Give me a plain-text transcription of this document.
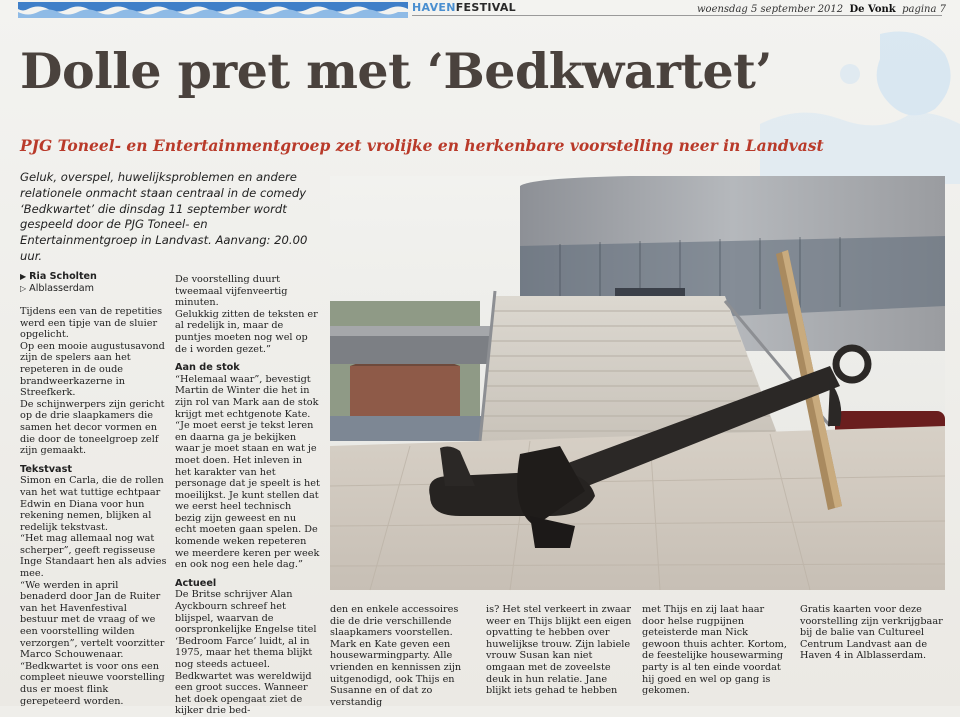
HAVENFESTIVAL	woensdag 5 september 2012 De Vonk pagina 7
Dolle pret met ‘Bedkwartet’
PJG Toneel- en Entertainmentgroep zet vrolijke en herkenbare voorstelling neer in Landvast

Geluk, overspel, huwelijksproblemen en andere relationele onmacht staan centraal in de comedy ‘Bedkwartet’ die dinsdag 11 september wordt gespeeld door de PJG Toneel- en Entertainmentgroep in Landvast. Aanvang: 20.00 uur.

▶ Ria Scholten
▷ Alblasserdam

Tijdens een van de repetities werd een tipje van de sluier opgelicht.

Op een mooie augustusavond zijn de spelers aan het repeteren in de oude brandweerkazerne in Streefkerk.

De schijnwerpers zijn gericht op de drie slaapkamers die samen het decor vormen en die door de toneelgroep zelf zijn gemaakt.

Tekstvast

Simon en Carla, die de rollen van het wat tuttige echtpaar Edwin en Diana voor hun rekening nemen, blijken al redelijk tekstvast.

“Het mag allemaal nog wat scherper”, geeft regisseuse Inge Standaart hen als advies mee.

“We werden in april benaderd door Jan de Ruiter van het Havenfestival bestuur met de vraag of we een voorstelling wilden verzorgen”, vertelt voorzitter Marco Schouwenaar.

“Bedkwartet is voor ons een compleet nieuwe voorstelling dus er moest flink gerepeteerd worden.

De voorstelling duurt tweemaal vijfenveertig minuten.

Gelukkig zitten de teksten er al redelijk in, maar de puntjes moeten nog wel op de i worden gezet.”

Aan de stok

“Helemaal waar”, bevestigt Martin de Winter die het in zijn rol van Mark aan de stok krijgt met echtgenote Kate.

“Je moet eerst je tekst leren en daarna ga je bekijken waar je moet staan en wat je moet doen. Het inleven in het karakter van het personage dat je speelt is het moeilijkst. Je kunt stellen dat we eerst heel technisch bezig zijn geweest en nu echt moeten gaan spelen. De komende weken repeteren we meerdere keren per week en ook nog een hele dag.”

Actueel

De Britse schrijver Alan Ayckbourn schreef het blijspel, waarvan de oorspronkelijke Engelse titel ‘Bedroom Farce’ luidt, al in 1975, maar het thema blijkt nog steeds actueel.

Bedkwartet was wereldwijd een groot succes. Wanneer het doek opengaat ziet de kijker drie bed-

den en enkele accessoires die de drie verschillende slaapkamers voorstellen. Mark en Kate geven een housewarmingparty. Alle vrienden en kennissen zijn uitgenodigd, ook Thijs en Susanne en of dat zo verstandig

is? Het stel verkeert in zwaar weer en Thijs blijkt een eigen opvatting te hebben over huwelijkse trouw. Zijn labiele vrouw Susan kan niet omgaan met de zoveelste deuk in hun relatie. Jane blijkt iets gehad te hebben

met Thijs en zij laat haar door helse rugpijnen geteisterde man Nick gewoon thuis achter. Kortom, de feestelijke housewarming party is al ten einde voordat hij goed en wel op gang is gekomen.

Gratis kaarten voor deze voorstelling zijn verkrijgbaar bij de balie van Cultureel Centrum Landvast aan de Haven 4 in Alblasserdam.
